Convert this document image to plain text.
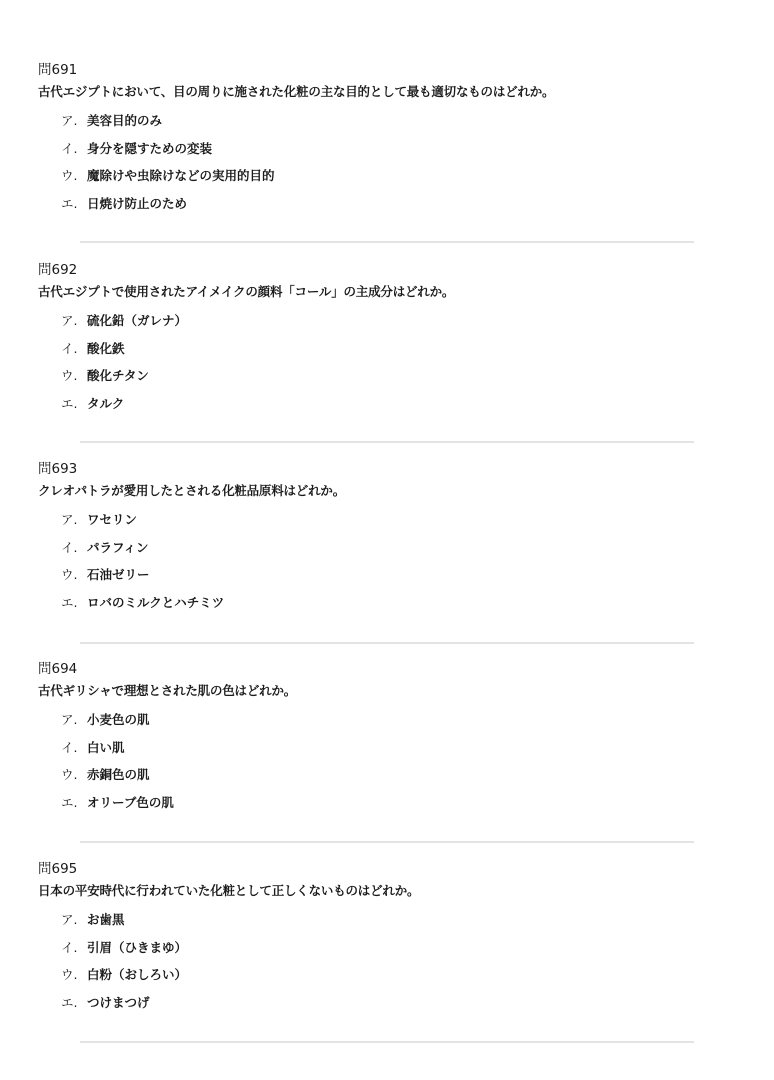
問691

古代エジプトにおいて、目の周りに施された化粧の主な目的として最も適切なものはどれか。

ア. 美容目的のみ
イ. 身分を隠すための変装
ウ. 魔除けや虫除けなどの実用的目的
エ. 日焼け防止のため

問692

古代エジプトで使用されたアイメイクの顔料「コール」の主成分はどれか。

ア. 硫化鉛（ガレナ）
イ. 酸化鉄
ウ. 酸化チタン
エ. タルク

問693

クレオパトラが愛用したとされる化粧品原料はどれか。

ア. ワセリン
イ. パラフィン
ウ. 石油ゼリー
エ. ロバのミルクとハチミツ

問694

古代ギリシャで理想とされた肌の色はどれか。

ア. 小麦色の肌
イ. 白い肌
ウ. 赤銅色の肌
エ. オリーブ色の肌

問695

日本の平安時代に行われていた化粧として正しくないものはどれか。

ア. お歯黒
イ. 引眉（ひきまゆ）
ウ. 白粉（おしろい）
エ. つけまつげ
